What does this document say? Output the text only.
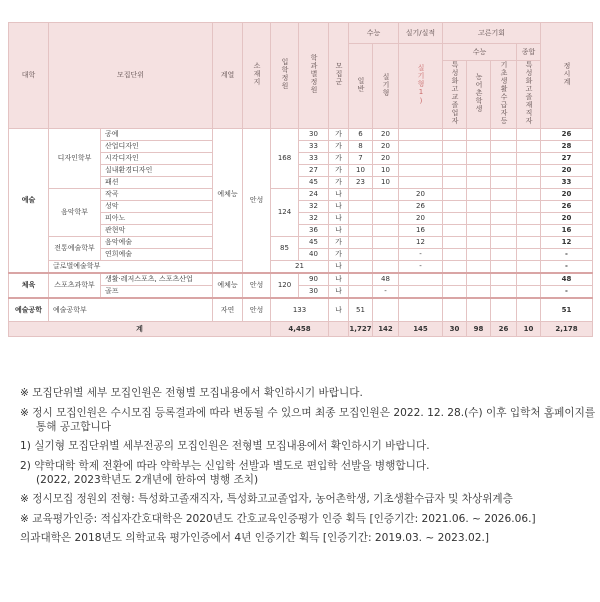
대학	모집단위		계열	소재지	입학정원	학과별정원	모집군	수능		실기/실적	고른기회				정시계
								일반	실기형	실기형1)	수능			종합	
											특성화고교졸업자	농어촌학생	기초생활수급자등	특성화고졸재직자	
예술	디자인학부	공예	예체능	안성	168	30	가	6	20						26
		산업디자인				33	가	8	20						28
		시각디자인				33	가	7	20						27
		실내환경디자인				27	가	10	10						20
		패션				45	가	23	10						33
	음악학부	작곡			124	24	나			20					20
		성악				32	나			26					26
		피아노				32	나			20					20
		관현악				36	나			16					16
	전통예술학부	음악예술			85	45	가			12					12
		연희예술				40	가			-					-
	글로벌예술학부				21		나			-					-
체육	스포츠과학부	생활·레저스포츠, 스포츠산업	예체능	안성	120	90	나		48						48
		골프				30	나		-						-
예술공학	예술공학부		자연	안성	133		나	51							51
계					4,458			1,727	142	145	30	98	26	10	2,178

※ 모집단위별 세부 모집인원은 전형별 모집내용에서 확인하시기 바랍니다.

※ 정시 모집인원은 수시모집 등록결과에 따라 변동될 수 있으며 최종 모집인원은 2022. 12. 28.(수) 이후 입학처 홈페이지를

통해 공고합니다

1) 실기형 모집단위별 세부전공의 모집인원은 전형별 모집내용에서 확인하시기 바랍니다.

2) 약학대학 학제 전환에 따라 약학부는 신입학 선발과 별도로 편입학 선발을 병행합니다.

(2022, 2023학년도 2개년에 한하여 병행 조치)

※ 정시모집 정원외 전형: 특성화고졸재직자, 특성화고교졸업자, 농어촌학생, 기초생활수급자 및 차상위계층

※ 교육평가인증: 적십자간호대학은 2020년도 간호교육인증평가 인증 획득 [인증기간: 2021.06. ~ 2026.06.]

의과대학은 2018년도 의학교육 평가인증에서 4년 인증기간 획득 [인증기간: 2019.03. ~ 2023.02.]
